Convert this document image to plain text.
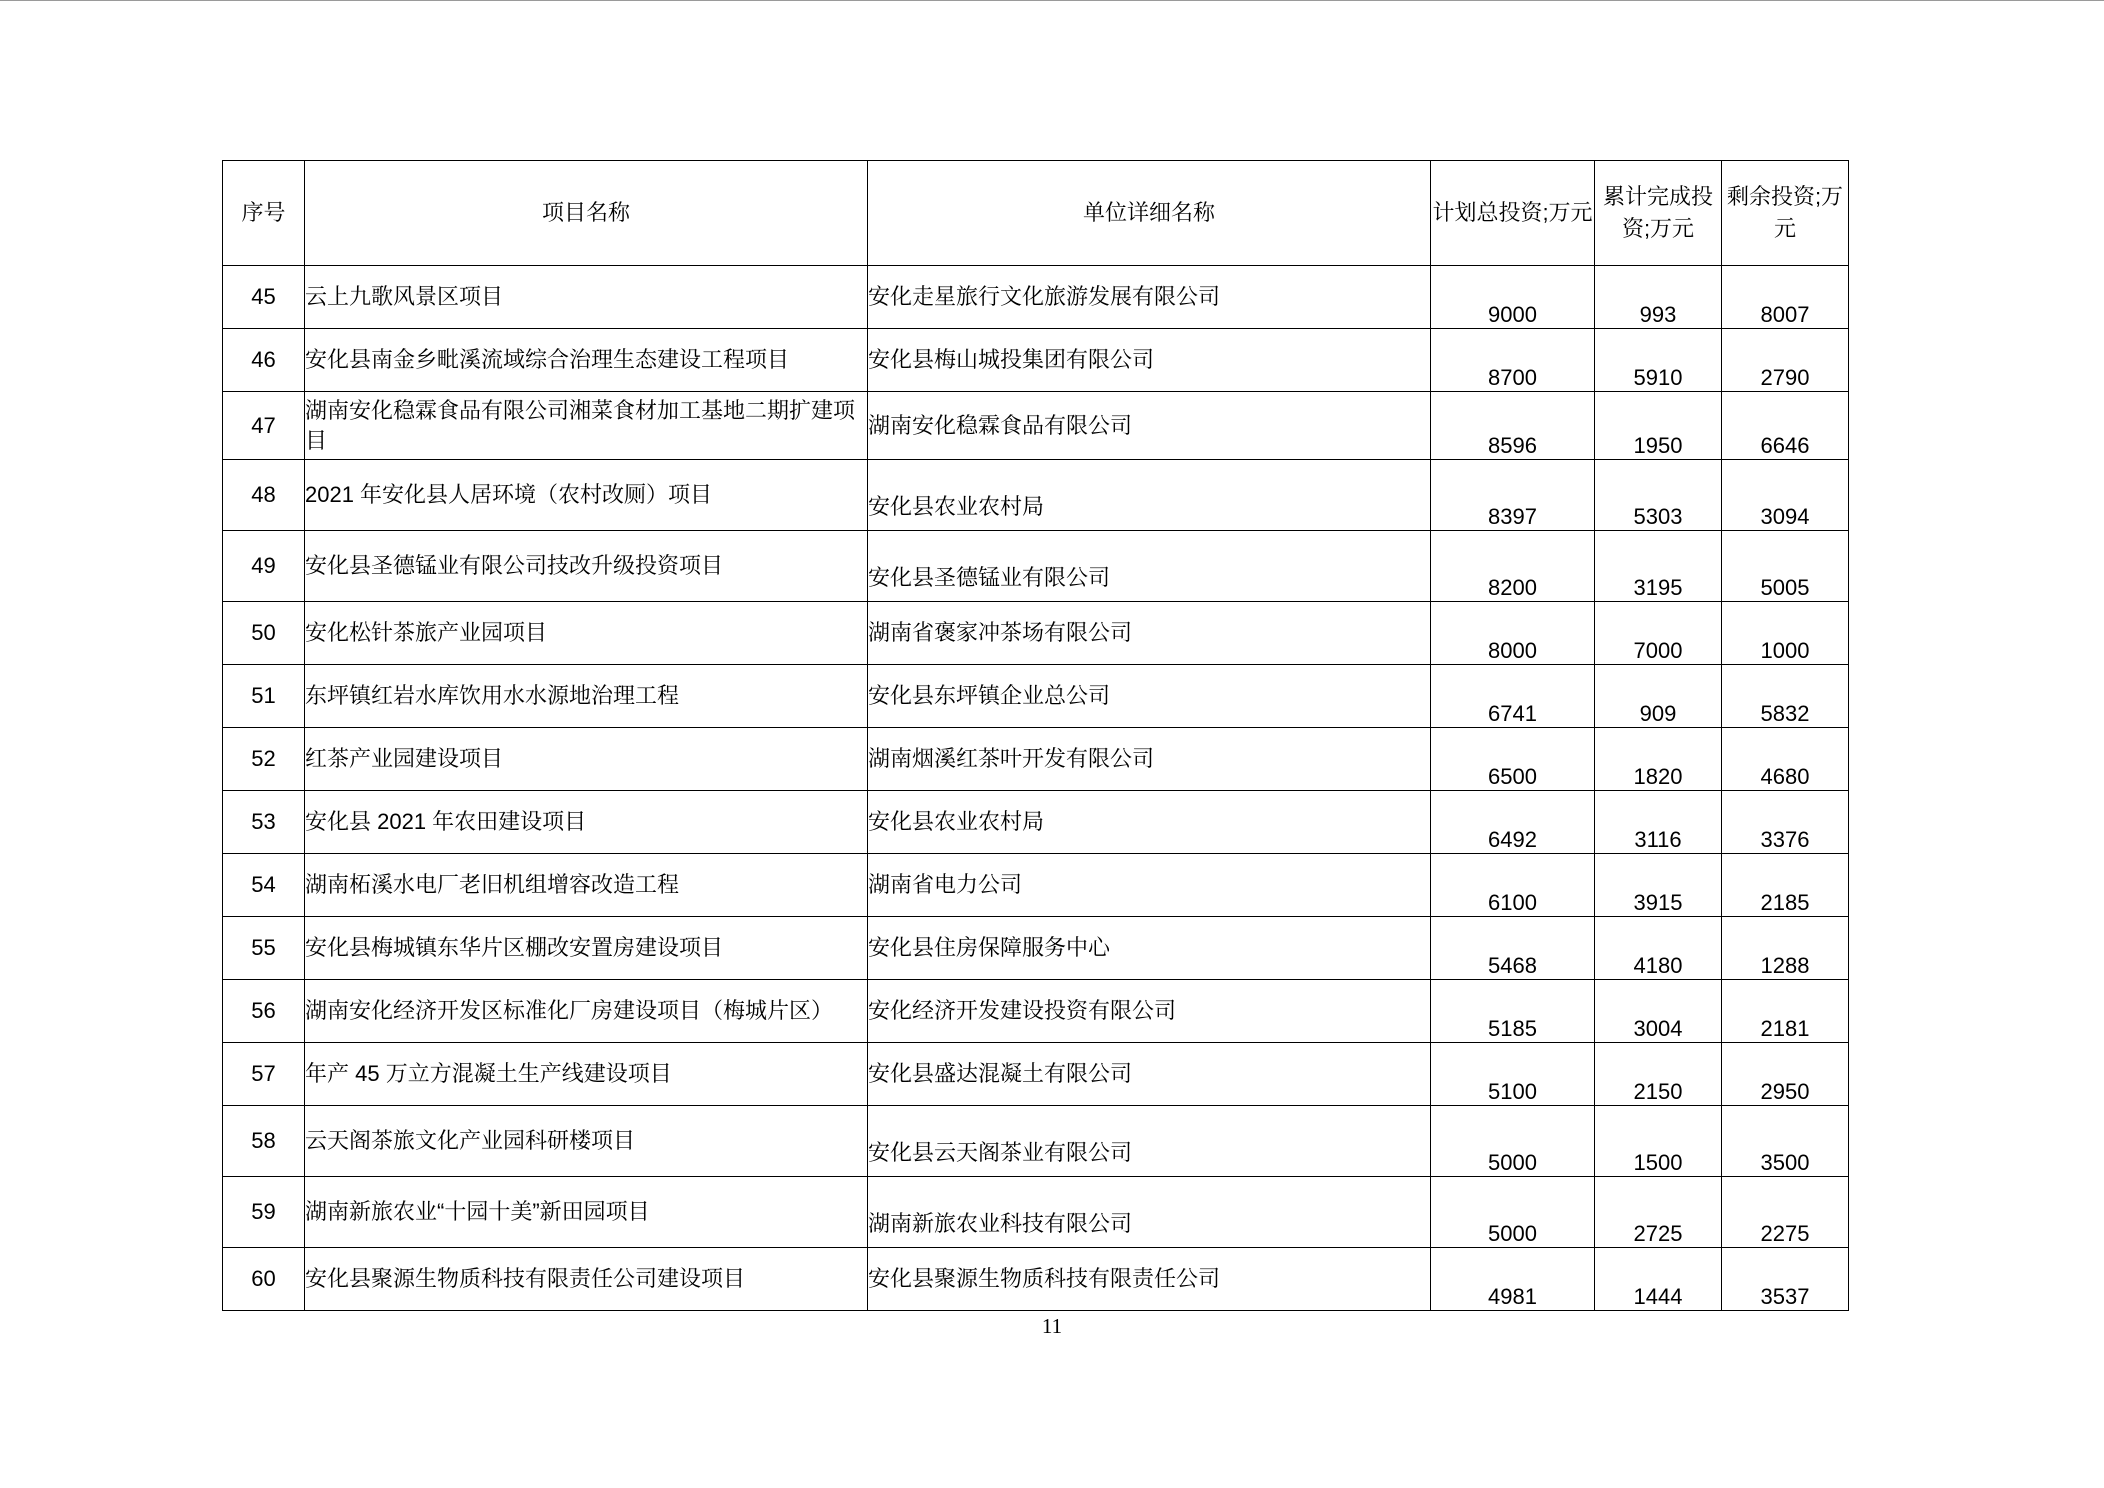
序号	项目名称	单位详细名称	计划总投资;万元	累计完成投资;万元	剩余投资;万元
45	云上九歌风景区项目	安化走星旅行文化旅游发展有限公司	9000	993	8007
46	安化县南金乡毗溪流域综合治理生态建设工程项目	安化县梅山城投集团有限公司	8700	5910	2790
47	湖南安化稳霖食品有限公司湘菜食材加工基地二期扩建项目	湖南安化稳霖食品有限公司	8596	1950	6646
48	2021 年安化县人居环境（农村改厕）项目	安化县农业农村局	8397	5303	3094
49	安化县圣德锰业有限公司技改升级投资项目	安化县圣德锰业有限公司	8200	3195	5005
50	安化松针茶旅产业园项目	湖南省褒家冲茶场有限公司	8000	7000	1000
51	东坪镇红岩水库饮用水水源地治理工程	安化县东坪镇企业总公司	6741	909	5832
52	红茶产业园建设项目	湖南烟溪红茶叶开发有限公司	6500	1820	4680
53	安化县 2021 年农田建设项目	安化县农业农村局	6492	3116	3376
54	湖南柘溪水电厂老旧机组增容改造工程	湖南省电力公司	6100	3915	2185
55	安化县梅城镇东华片区棚改安置房建设项目	安化县住房保障服务中心	5468	4180	1288
56	湖南安化经济开发区标准化厂房建设项目（梅城片区）	安化经济开发建设投资有限公司	5185	3004	2181
57	年产 45 万立方混凝土生产线建设项目	安化县盛达混凝土有限公司	5100	2150	2950
58	云天阁茶旅文化产业园科研楼项目	安化县云天阁茶业有限公司	5000	1500	3500
59	湖南新旅农业“十园十美”新田园项目	湖南新旅农业科技有限公司	5000	2725	2275
60	安化县聚源生物质科技有限责任公司建设项目	安化县聚源生物质科技有限责任公司	4981	1444	3537
11
